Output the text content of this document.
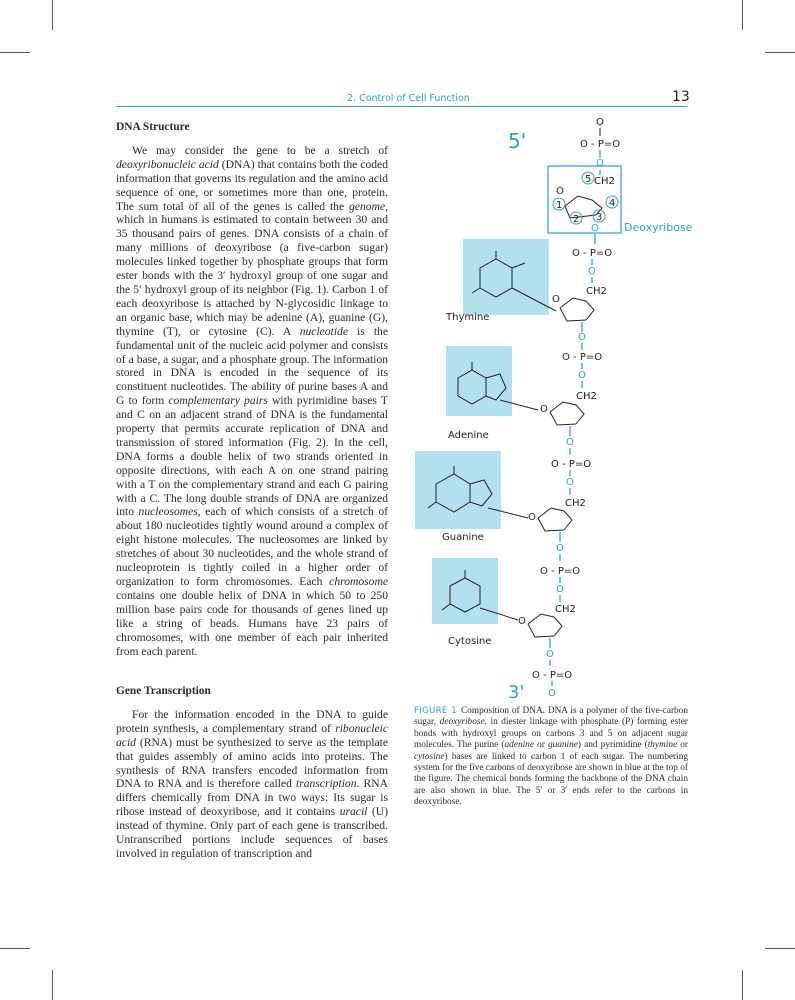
2. Control of Cell Function	13
DNA Structure

We may consider the gene to be a stretch of deoxyribonucleic acid (DNA) that contains both the coded information that governs its regulation and the amino acid sequence of one, or sometimes more than one, protein. The sum total of all of the genes is called the genome, which in humans is estimated to contain between 30 and 35 thousand pairs of genes. DNA consists of a chain of many millions of deoxyribose (a five-carbon sugar) molecules linked together by phosphate groups that form ester bonds with the 3′ hydroxyl group of one sugar and the 5′ hydroxyl group of its neighbor (Fig. 1). Carbon 1 of each deoxyribose is attached by N-glycosidic linkage to an organic base, which may be adenine (A), guanine (G), thymine (T), or cytosine (C). A nucleotide is the fundamental unit of the nucleic acid polymer and consists of a base, a sugar, and a phosphate group. The information stored in DNA is encoded in the sequence of its constituent nucleotides. The ability of purine bases A and G to form complementary pairs with pyrimidine bases T and C on an adjacent strand of DNA is the fundamental property that permits accurate replication of DNA and transmission of stored information (Fig. 2). In the cell, DNA forms a double helix of two strands oriented in opposite directions, with each A on one strand pairing with a T on the complementary strand and each G pairing with a C. The long double strands of DNA are organized into nucleosomes, each of which consists of a stretch of about 180 nucleotides tightly wound around a complex of eight histone molecules. The nucleosomes are linked by stretches of about 30 nucleotides, and the whole strand of nucleoprotein is tightly coiled in a higher order of organization to form chromosomes. Each chromosome contains one double helix of DNA in which 50 to 250 million base pairs code for thousands of genes lined up like a string of beads. Humans have 23 pairs of chromosomes, with one member of each pair inherited from each parent.

Gene Transcription

For the information encoded in the DNA to guide protein synthesis, a complementary strand of ribonucleic acid (RNA) must be synthesized to serve as the template that guides assembly of amino acids into proteins. The synthesis of RNA transfers encoded information from DNA to RNA and is therefore called transcription. RNA differs chemically from DNA in two ways: Its sugar is ribose instead of deoxyribose, and it contains uracil (U) instead of thymine. Only part of each gene is transcribed. Untranscribed portions include sequences of bases involved in regulation of transcription and

5'
3'
O
O - P=O
O
Deoxyribose
CH2
O
5
1
2 3
4
O
O - P=O
O
CH2
O
O
O - P=O
O
CH2
O
O
O - P=O
O
CH2
O
O
O - P=O
O
CH2
O
O
O - P=O
O
Thymine
Adenine
Guanine
Cytosine
FIGURE 1 Composition of DNA. DNA is a polymer of the five-carbon sugar, deoxyribose, in diester linkage with phosphate (P) forming ester bonds with hydroxyl groups on carbons 3 and 5 on adjacent sugar molecules. The purine (adenine or guanine) and pyrimidine (thymine or cytosine) bases are linked to carbon 1 of each sugar. The numbering system for the five carbons of deoxyribose are shown in blue at the top of the figure. The chemical bonds forming the backbone of the DNA chain are also shown in blue. The 5′ or 3′ ends refer to the carbons in deoxyribose.
